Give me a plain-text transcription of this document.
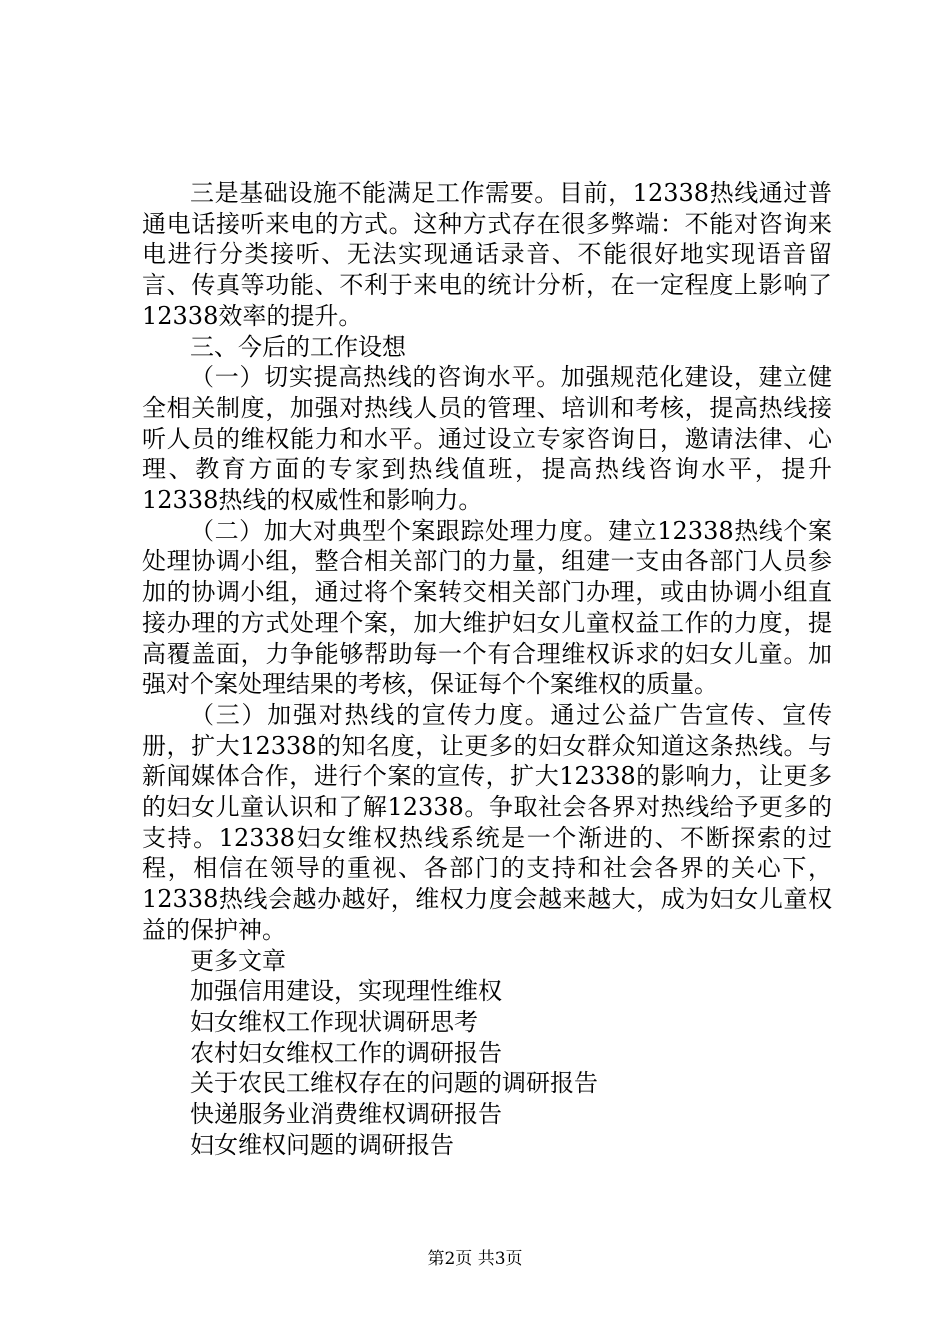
三是基础设施不能满足工作需要。目前，12338热线通过普通电话接听来电的方式。这种方式存在很多弊端：不能对咨询来电进行分类接听、无法实现通话录音、不能很好地实现语音留言、传真等功能、不利于来电的统计分析，在一定程度上影响了12338效率的提升。

三、今后的工作设想

（一）切实提高热线的咨询水平。加强规范化建设，建立健全相关制度，加强对热线人员的管理、培训和考核，提高热线接听人员的维权能力和水平。通过设立专家咨询日，邀请法律、心理、教育方面的专家到热线值班，提高热线咨询水平，提升12338热线的权威性和影响力。

（二）加大对典型个案跟踪处理力度。建立12338热线个案处理协调小组，整合相关部门的力量，组建一支由各部门人员参加的协调小组，通过将个案转交相关部门办理，或由协调小组直接办理的方式处理个案，加大维护妇女儿童权益工作的力度，提高覆盖面，力争能够帮助每一个有合理维权诉求的妇女儿童。加强对个案处理结果的考核，保证每个个案维权的质量。

（三）加强对热线的宣传力度。通过公益广告宣传、宣传册，扩大12338的知名度，让更多的妇女群众知道这条热线。与新闻媒体合作，进行个案的宣传，扩大12338的影响力，让更多的妇女儿童认识和了解12338。争取社会各界对热线给予更多的支持。12338妇女维权热线系统是一个渐进的、不断探索的过程，相信在领导的重视、各部门的支持和社会各界的关心下，12338热线会越办越好，维权力度会越来越大，成为妇女儿童权益的保护神。

更多文章
加强信用建设，实现理性维权
妇女维权工作现状调研思考
农村妇女维权工作的调研报告
关于农民工维权存在的问题的调研报告
快递服务业消费维权调研报告
妇女维权问题的调研报告
第2页 共3页
